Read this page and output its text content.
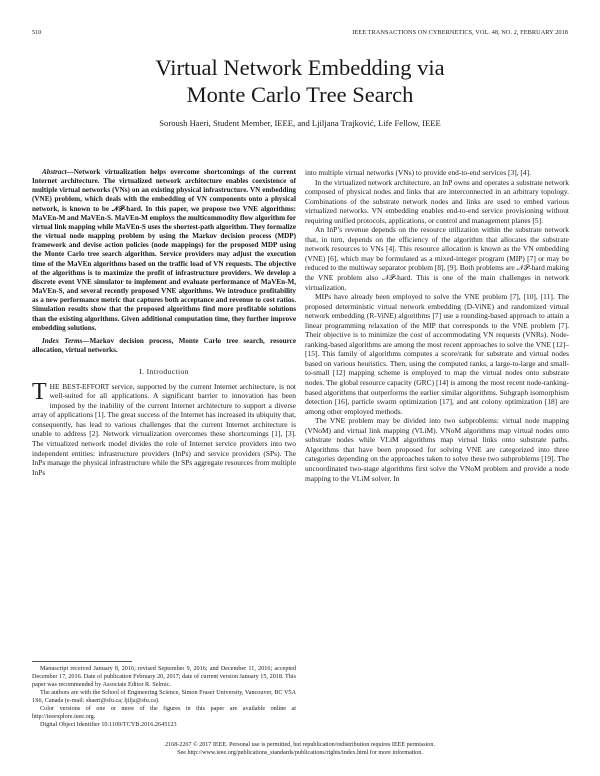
510	IEEE TRANSACTIONS ON CYBERNETICS, VOL. 48, NO. 2, FEBRUARY 2018
Virtual Network Embedding via
Monte Carlo Tree Search
Soroush Haeri, Student Member, IEEE, and Ljiljana Trajković, Life Fellow, IEEE

Abstract—Network virtualization helps overcome shortcomings of the current Internet architecture. The virtualized network architecture enables coexistence of multiple virtual networks (VNs) on an existing physical infrastructure. VN embedding (VNE) problem, which deals with the embedding of VN components onto a physical network, is known to be 𝒩𝒫-hard. In this paper, we propose two VNE algorithms: MaVEn-M and MaVEn-S. MaVEn-M employs the multicommodity flow algorithm for virtual link mapping while MaVEn-S uses the shortest-path algorithm. They formalize the virtual node mapping problem by using the Markov decision process (MDP) framework and devise action policies (node mappings) for the proposed MDP using the Monte Carlo tree search algorithm. Service providers may adjust the execution time of the MaVEn algorithms based on the traffic load of VN requests. The objective of the algorithms is to maximize the profit of infrastructure providers. We develop a discrete event VNE simulator to implement and evaluate performance of MaVEn-M, MaVEn-S, and several recently proposed VNE algorithms. We introduce profitability as a new performance metric that captures both acceptance and revenue to cost ratios. Simulation results show that the proposed algorithms find more profitable solutions than the existing algorithms. Given additional computation time, they further improve embedding solutions.

Index Terms—Markov decision process, Monte Carlo tree search, resource allocation, virtual networks.

I. Introduction

THE BEST-EFFORT service, supported by the current Internet architecture, is not well-suited for all applications. A significant barrier to innovation has been imposed by the inability of the current Internet architecture to support a diverse array of applications [1]. The great success of the Internet has increased its ubiquity that, consequently, has lead to various challenges that the current Internet architecture is unable to address [2]. Network virtualization overcomes these shortcomings [1], [3]. The virtualized network model divides the role of Internet service providers into two independent entities: infrastructure providers (InPs) and service providers (SPs). The InPs manage the physical infrastructure while the SPs aggregate resources from multiple InPs

Manuscript received January 8, 2016; revised September 9, 2016; and December 11, 2016; accepted December 17, 2016. Date of publication February 20, 2017; date of current version January 15, 2018. This paper was recommended by Associate Editor R. Selmic.

The authors are with the School of Engineering Science, Simon Fraser University, Vancouver, BC V5A 1S6, Canada (e-mail: shaeri@sfu.ca; ljilja@sfu.ca).

Color versions of one or more of the figures in this paper are available online at http://ieeexplore.ieee.org.

Digital Object Identifier 10.1109/TCYB.2016.2645123

into multiple virtual networks (VNs) to provide end-to-end services [3], [4].

In the virtualized network architecture, an InP owns and operates a substrate network composed of physical nodes and links that are interconnected in an arbitrary topology. Combinations of the substrate network nodes and links are used to embed various virtualized networks. VN embedding enables end-to-end service provisioning without requiring unified protocols, applications, or control and management planes [5].

An InP’s revenue depends on the resource utilization within the substrate network that, in turn, depends on the efficiency of the algorithm that allocates the substrate network resources to VNs [4]. This resource allocation is known as the VN embedding (VNE) [6], which may be formulated as a mixed-integer program (MIP) [7] or may be reduced to the multiway separator problem [8], [9]. Both problems are 𝒩𝒫-hard making the VNE problem also 𝒩𝒫-hard. This is one of the main challenges in network virtualization.

MIPs have already been employed to solve the VNE problem [7], [10], [11]. The proposed deterministic virtual network embedding (D-ViNE) and randomized virtual network embedding (R-ViNE) algorithms [7] use a rounding-based approach to attain a linear programming relaxation of the MIP that corresponds to the VNE problem [7]. Their objective is to minimize the cost of accommodating VN requests (VNRs). Node-ranking-based algorithms are among the most recent approaches to solve the VNE [12]–[15]. This family of algorithms computes a score/rank for substrate and virtual nodes based on various heuristics. Then, using the computed ranks, a large-to-large and small-to-small [12] mapping scheme is employed to map the virtual nodes onto substrate nodes. The global resource capacity (GRC) [14] is among the most recent node-ranking-based algorithms that outperforms the earlier similar algorithms. Subgraph isomorphism detection [16], particle swarm optimization [17], and ant colony optimization [18] are among other employed methods.

The VNE problem may be divided into two subproblems: virtual node mapping (VNoM) and virtual link mapping (VLiM). VNoM algorithms map virtual nodes onto substrate nodes while VLiM algorithms map virtual links onto substrate paths. Algorithms that have been proposed for solving VNE are categorized into three categories depending on the approaches taken to solve these two subproblems [19]. The uncoordinated two-stage algorithms first solve the VNoM problem and provide a node mapping to the VLiM solver. In

2168-2267 © 2017 IEEE. Personal use is permitted, but republication/redistribution requires IEEE permission.
See http://www.ieee.org/publications_standards/publications/rights/index.html for more information.
